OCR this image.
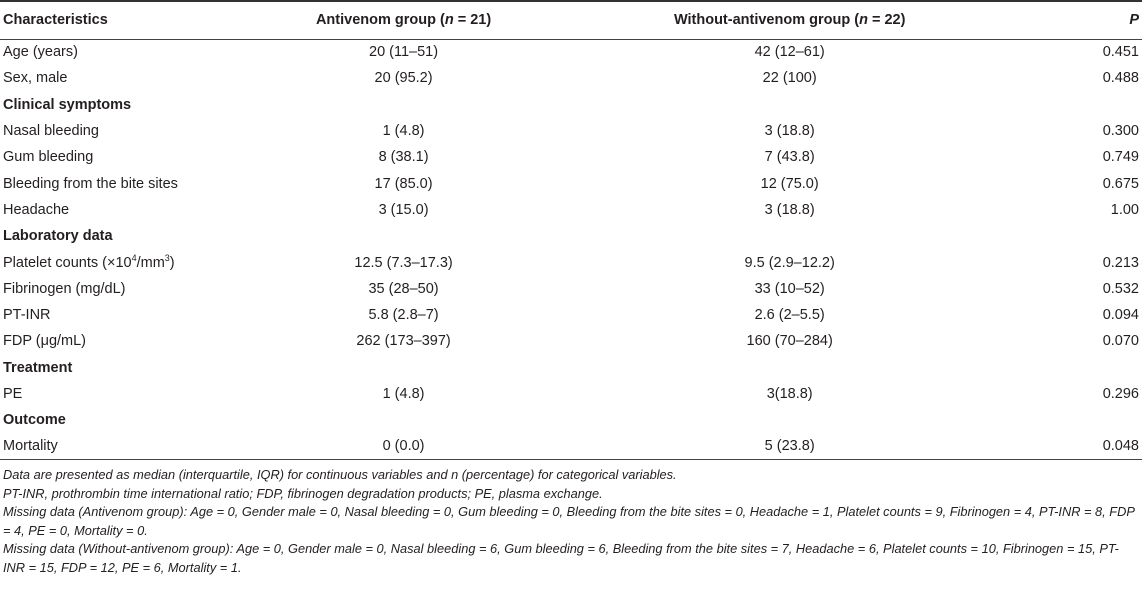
Characteristics	Antivenom group (n = 21)	Without-antivenom group (n = 22)	P
Age (years)	20 (11–51)	42 (12–61)	0.451
Sex, male	20 (95.2)	22 (100)	0.488
Clinical symptoms			
Nasal bleeding	1 (4.8)	3 (18.8)	0.300
Gum bleeding	8 (38.1)	7 (43.8)	0.749
Bleeding from the bite sites	17 (85.0)	12 (75.0)	0.675
Headache	3 (15.0)	3 (18.8)	1.00
Laboratory data			
Platelet counts $(\times 10^4/mm^3)$	12.5 (7.3–17.3)	9.5 (2.9–12.2)	0.213
Fibrinogen (mg/dL)	35 (28–50)	33 (10–52)	0.532
PT-INR	5.8 (2.8–7)	2.6 (2–5.5)	0.094
FDP (μg/mL)	262 (173–397)	160 (70–284)	0.070
Treatment			
PE	1 (4.8)	3(18.8)	0.296
Outcome			
Mortality	0 (0.0)	5 (23.8)	0.048

Data are presented as median (interquartile, IQR) for continuous variables and n (percentage) for categorical variables.

PT-INR, prothrombin time international ratio; FDP, fibrinogen degradation products; PE, plasma exchange.

Missing data (Antivenom group): Age = 0, Gender male = 0, Nasal bleeding = 0, Gum bleeding = 0, Bleeding from the bite sites = 0, Headache = 1, Platelet counts = 9, Fibrinogen = 4, PT-INR = 8, FDP = 4, PE = 0, Mortality = 0.

Missing data (Without-antivenom group): Age = 0, Gender male = 0, Nasal bleeding = 6, Gum bleeding = 6, Bleeding from the bite sites = 7, Headache = 6, Platelet counts = 10, Fibrinogen = 15, PT-INR = 15, FDP = 12, PE = 6, Mortality = 1.
